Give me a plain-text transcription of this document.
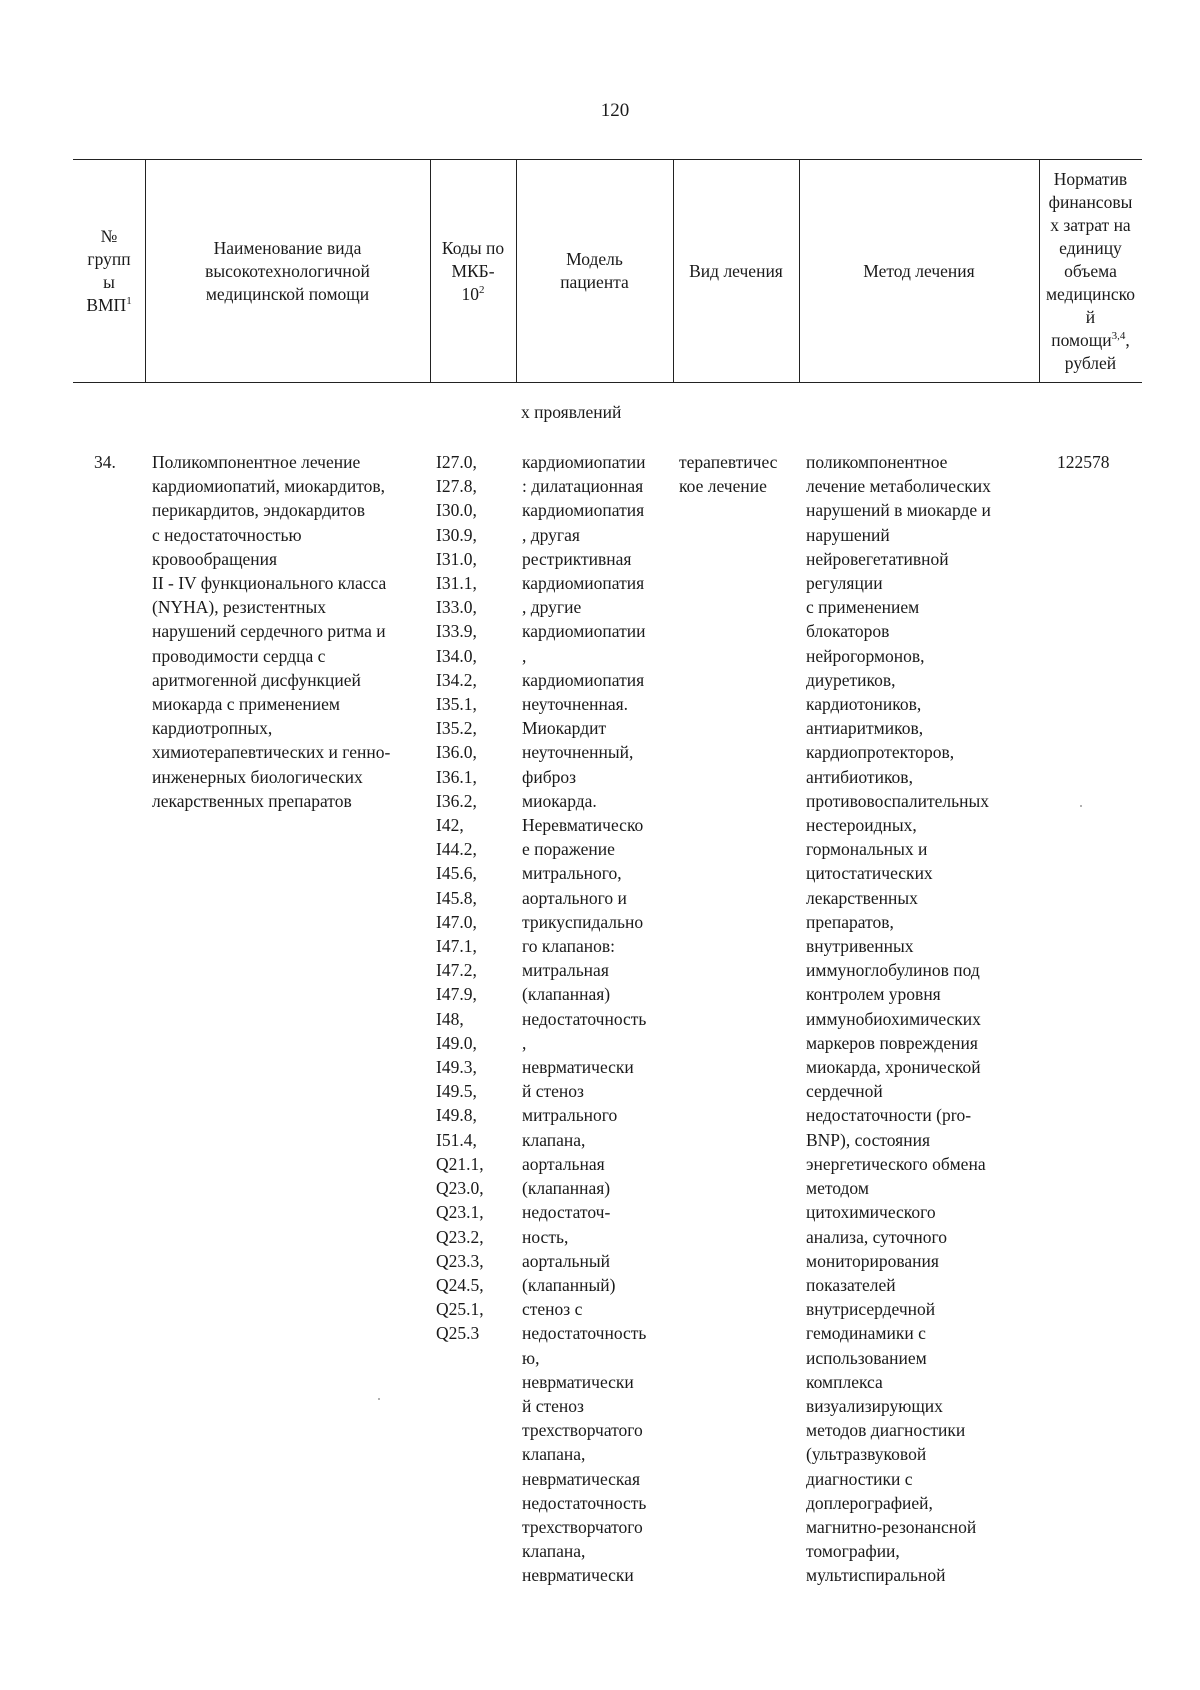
120
№
групп
ы
ВМП$^1$
Наименование вида
высокотехнологичной
медицинской помощи
Коды по
МКБ-
$10^2$
Модель
пациента
Вид лечения	Метод лечения
Норматив
финансовы
х затрат на
единицу
объема
медицинско
й
помощи$^{3,4}$,
рублей
х проявлений
34. Поликомпонентное лечение
кардиомиопатий, миокардитов,
перикардитов, эндокардитов
с недостаточностью
кровообращения
II - IV функционального класса
(NYHA), резистентных
нарушений сердечного ритма и
проводимости сердца с
аритмогенной дисфункцией
миокарда с применением
кардиотропных,
химиотерапевтических и генно-
инженерных биологических
лекарственных препаратов
I27.0,
I27.8,
I30.0,
I30.9,
I31.0,
I31.1,
I33.0,
I33.9,
I34.0,
I34.2,
I35.1,
I35.2,
I36.0,
I36.1,
I36.2,
I42,
I44.2,
I45.6,
I45.8,
I47.0,
I47.1,
I47.2,
I47.9,
I48,
I49.0,
I49.3,
I49.5,
I49.8,
I51.4,
Q21.1,
Q23.0,
Q23.1,
Q23.2,
Q23.3,
Q24.5,
Q25.1,
Q25.3
кардиомиопатии
: дилатационная
кардиомиопатия
, другая
рестриктивная
кардиомиопатия
, другие
кардиомиопатии
,
кардиомиопатия
неуточненная.
Миокардит
неуточненный,
фиброз
миокарда.
Неревматическо
е поражение
митрального,
аортального и
трикуспидально
го клапанов:
митральная
(клапанная)
недостаточность
,
неврматически
й стеноз
митрального
клапана,
аортальная
(клапанная)
недостаточ-
ность,
аортальный
(клапанный)
стеноз с
недостаточность
ю,
неврматически
й стеноз
трехстворчатого
клапана,
неврматическая
недостаточность
трехстворчатого
клапана,
неврматически
терапевтичес
кое лечение
поликомпонентное
лечение метаболических
нарушений в миокарде и
нарушений
нейровегетативной
регуляции
с применением
блокаторов
нейрогормонов,
диуретиков,
кардиотоников,
антиаритмиков,
кардиопротекторов,
антибиотиков,
противовоспалительных
нестероидных,
гормональных и
цитостатических
лекарственных
препаратов,
внутривенных
иммуноглобулинов под
контролем уровня
иммунобиохимических
маркеров повреждения
миокарда, хронической
сердечной
недостаточности (pro-
BNP), состояния
энергетического обмена
методом
цитохимического
анализа, суточного
мониторирования
показателей
внутрисердечной
гемодинамики с
использованием
комплекса
визуализирующих
методов диагностики
(ультразвуковой
диагностики с
доплерографией,
магнитно-резонансной
томографии,
мультиспиральной
122578
